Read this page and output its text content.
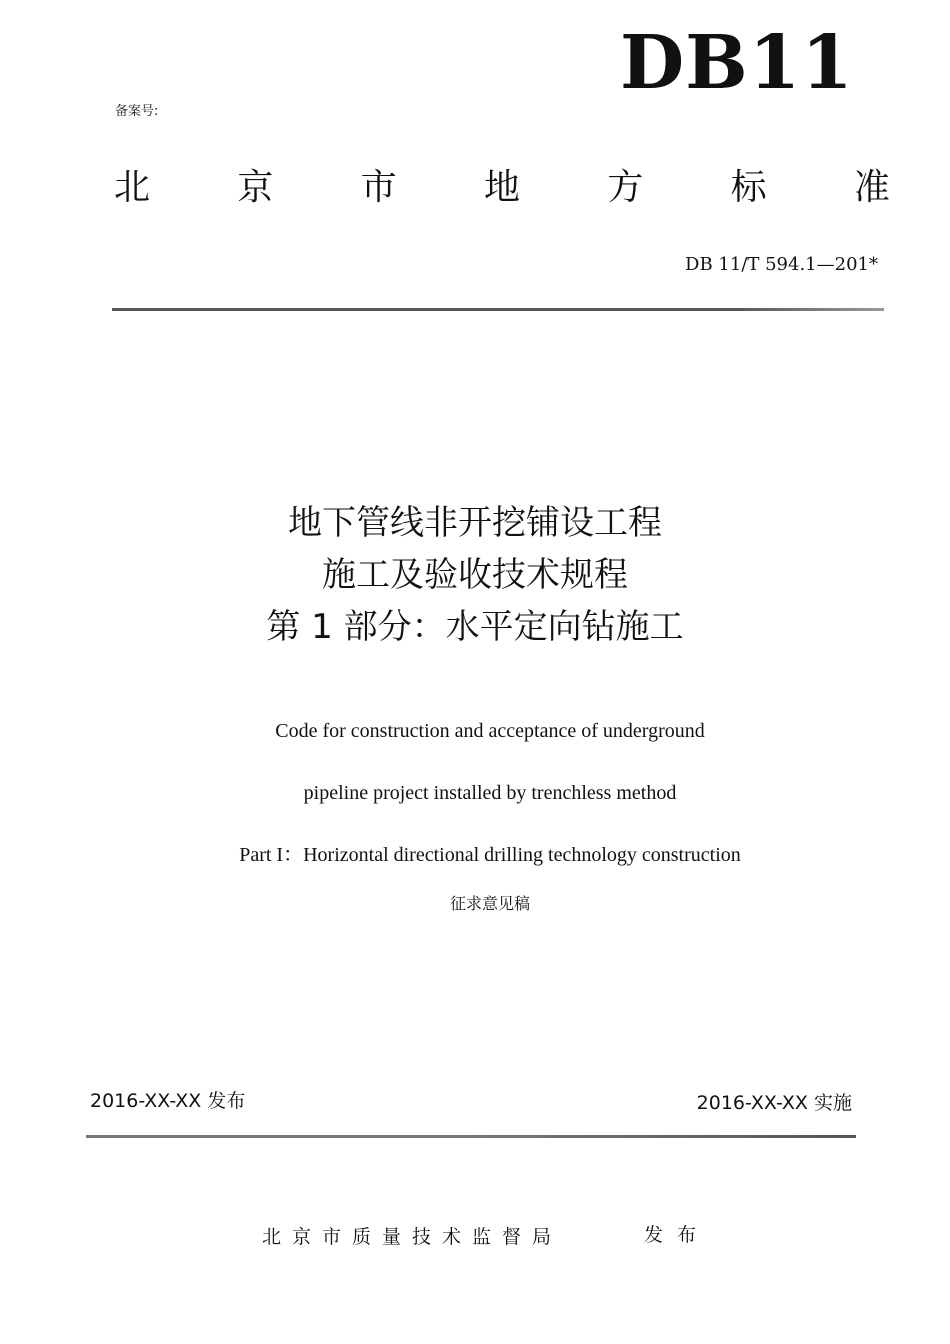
备案号:
DB11
北 京 市 地 方 标 准
DB 11/T 594.1—201*
地下管线非开挖铺设工程
施工及验收技术规程
第 1 部分：水平定向钻施工
Code for construction and acceptance of underground
pipeline project installed by trenchless method
Part I：Horizontal directional drilling technology construction
征求意见稿
2016-XX-XX 发布	2016-XX-XX 实施
北京市质量技术监督局	发布
